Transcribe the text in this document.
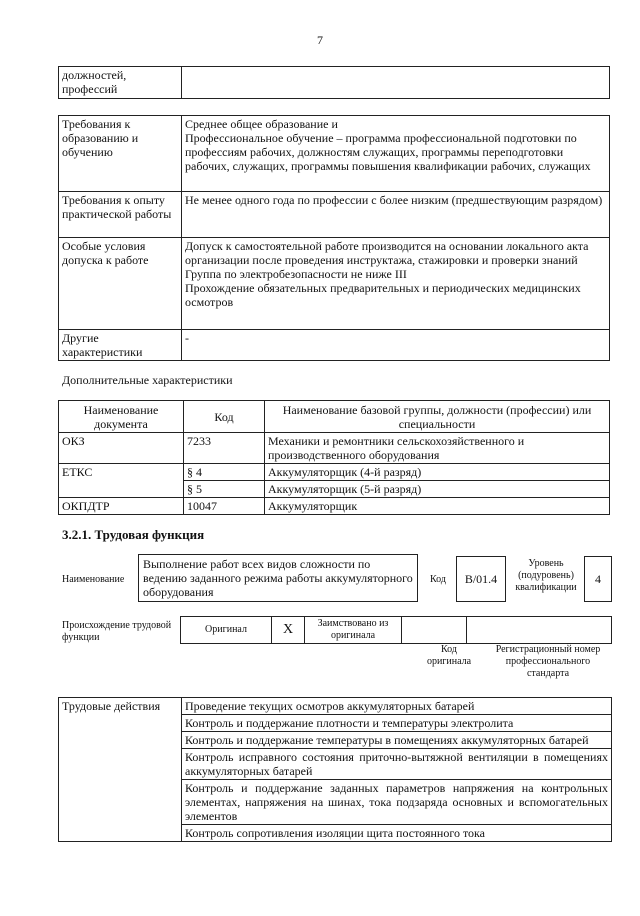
7
должностей, профессий	
Требования к образованию и обучению	Среднее общее образование и
Профессиональное обучение – программа профессиональной подготовки по профессиям рабочих, должностям служащих, программы переподготовки рабочих, служащих, программы повышения квалификации рабочих, служащих

Требования к опыту практической работы	Не менее одного года по профессии с более низким (предшествующим разрядом)

Особые условия допуска к работе	Допуск к самостоятельной работе производится на основании локального акта организации после проведения инструктажа, стажировки и проверки знаний
Группа по электробезопасности не ниже III
Прохождение обязательных предварительных и периодических медицинских осмотров

Другие характеристики	-
Дополнительные характеристики
Наименование документа	Код	Наименование базовой группы, должности (профессии) или специальности
ОКЗ	7233	Механики и ремонтники сельскохозяйственного и производственного оборудования
ЕТКС	§ 4	Аккумуляторщик (4-й разряд)
	§ 5	Аккумуляторщик (5-й разряд)
ОКПДТР	10047	Аккумуляторщик
3.2.1. Трудовая функция
Наименование
Выполнение работ всех видов сложности по ведению заданного режима работы аккумуляторного оборудования
Код	B/01.4
Уровень (подуровень) квалификации
4
Происхождение трудовой функции
Оригинал	X	Заимствовано из оригинала		
Код оригинала
Регистрационный номер профессионального стандарта
Трудовые действия	Проведение текущих осмотров аккумуляторных батарей
Контроль и поддержание плотности и температуры электролита
Контроль и поддержание температуры в помещениях аккумуляторных батарей
Контроль исправного состояния приточно-вытяжной вентиляции в помещениях аккумуляторных батарей
Контроль и поддержание заданных параметров напряжения на контрольных элементах, напряжения на шинах, тока подзаряда основных и вспомогательных элементов
Контроль сопротивления изоляции щита постоянного тока
